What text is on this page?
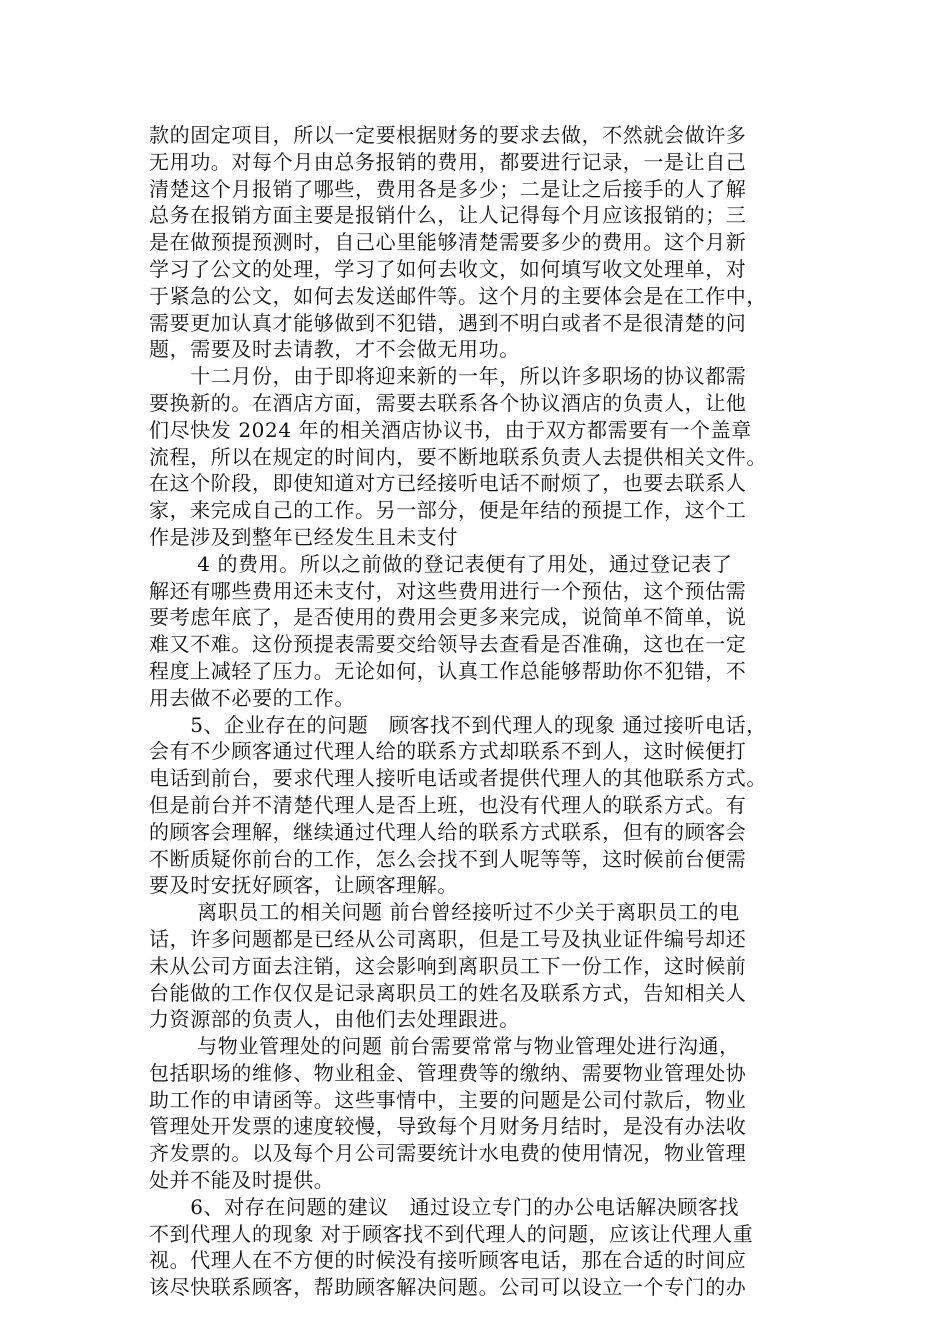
款的固定项目，所以一定要根据财务的要求去做，不然就会做许多
无用功。对每个月由总务报销的费用，都要进行记录，一是让自己
清楚这个月报销了哪些，费用各是多少；二是让之后接手的人了解
总务在报销方面主要是报销什么，让人记得每个月应该报销的；三
是在做预提预测时，自己心里能够清楚需要多少的费用。这个月新
学习了公文的处理，学习了如何去收文，如何填写收文处理单，对
于紧急的公文，如何去发送邮件等。这个月的主要体会是在工作中，
需要更加认真才能够做到不犯错，遇到不明白或者不是很清楚的问
题，需要及时去请教，才不会做无用功。
　　十二月份，由于即将迎来新的一年，所以许多职场的协议都需
要换新的。在酒店方面，需要去联系各个协议酒店的负责人，让他
们尽快发 2024 年的相关酒店协议书，由于双方都需要有一个盖章
流程，所以在规定的时间内，要不断地联系负责人去提供相关文件。
在这个阶段，即使知道对方已经接听电话不耐烦了，也要去联系人
家，来完成自己的工作。另一部分，便是年结的预提工作，这个工
作是涉及到整年已经发生且未支付
　　 4 的费用。所以之前做的登记表便有了用处，通过登记表了
解还有哪些费用还未支付，对这些费用进行一个预估，这个预估需
要考虑年底了，是否使用的费用会更多来完成，说简单不简单，说
难又不难。这份预提表需要交给领导去查看是否准确，这也在一定
程度上减轻了压力。无论如何，认真工作总能够帮助你不犯错，不
用去做不必要的工作。
　　5、企业存在的问题　顾客找不到代理人的现象 通过接听电话，
会有不少顾客通过代理人给的联系方式却联系不到人，这时候便打
电话到前台，要求代理人接听电话或者提供代理人的其他联系方式。
但是前台并不清楚代理人是否上班，也没有代理人的联系方式。有
的顾客会理解，继续通过代理人给的联系方式联系，但有的顾客会
不断质疑你前台的工作，怎么会找不到人呢等等，这时候前台便需
要及时安抚好顾客，让顾客理解。
　　 离职员工的相关问题 前台曾经接听过不少关于离职员工的电
话，许多问题都是已经从公司离职，但是工号及执业证件编号却还
未从公司方面去注销，这会影响到离职员工下一份工作，这时候前
台能做的工作仅仅是记录离职员工的姓名及联系方式，告知相关人
力资源部的负责人，由他们去处理跟进。
　　 与物业管理处的问题 前台需要常常与物业管理处进行沟通，
包括职场的维修、物业租金、管理费等的缴纳、需要物业管理处协
助工作的申请函等。这些事情中，主要的问题是公司付款后，物业
管理处开发票的速度较慢，导致每个月财务月结时，是没有办法收
齐发票的。以及每个月公司需要统计水电费的使用情况，物业管理
处并不能及时提供。
　　6、对存在问题的建议　通过设立专门的办公电话解决顾客找
不到代理人的现象 对于顾客找不到代理人的问题，应该让代理人重
视。代理人在不方便的时候没有接听顾客电话，那在合适的时间应
该尽快联系顾客，帮助顾客解决问题。公司可以设立一个专门的办
